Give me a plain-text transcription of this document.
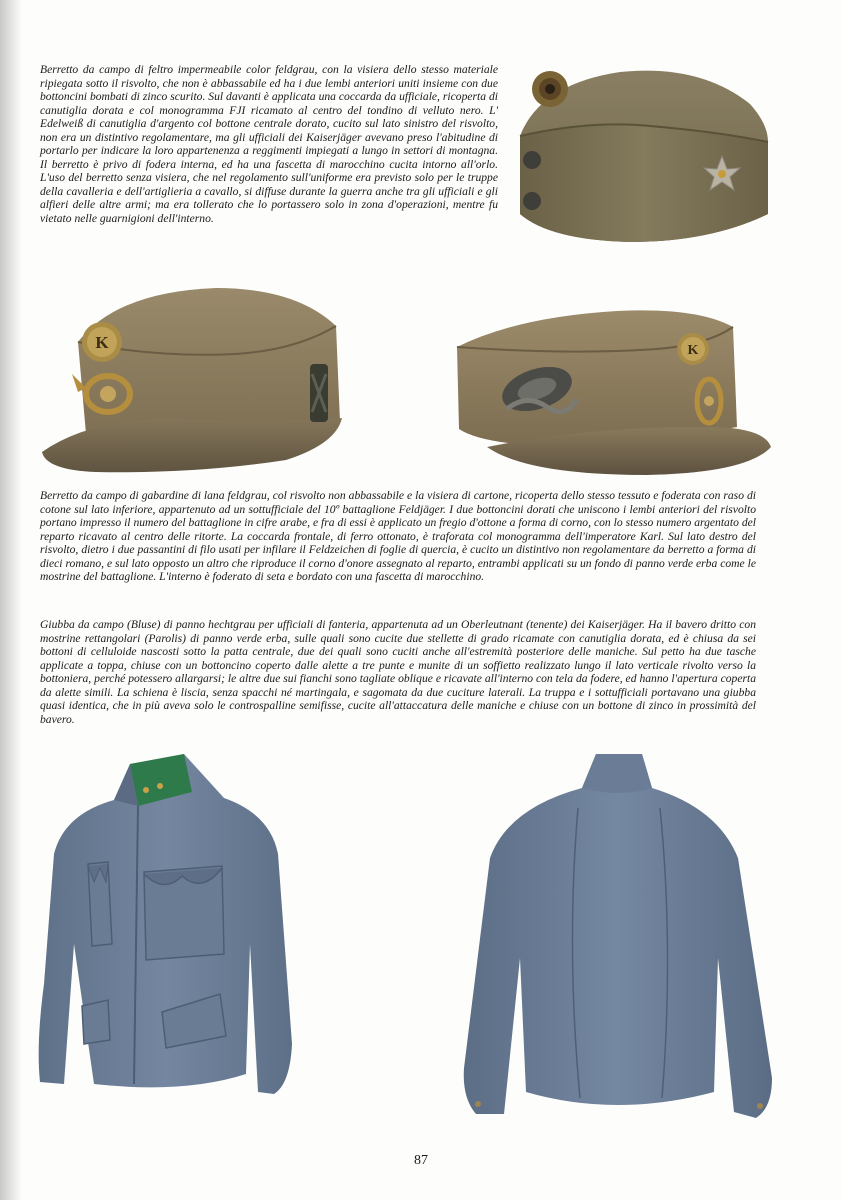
Berretto da campo di feltro impermeabile color feldgrau, con la visiera dello stesso materiale ripiegata sotto il risvolto, che non è abbassabile ed ha i due lembi anteriori uniti insieme con due bottoncini bombati di zinco scurito. Sul davanti è applicata una coccarda da ufficiale, ricoperta di canutiglia dorata e col monogramma FJI ricamato al centro del tondino di velluto nero. L' Edelweiß di canutiglia d'argento col bottone centrale dorato, cucito sul lato sinistro del risvolto, non era un distintivo regolamentare, ma gli ufficiali dei Kaiserjäger avevano preso l'abitudine di portarlo per indicare la loro appartenenza a reggimenti impiegati a lungo in settori di montagna. Il berretto è privo di fodera interna, ed ha una fascetta di marocchino cucita intorno all'orlo. L'uso del berretto senza visiera, che nel regolamento sull'uniforme era previsto solo per le truppe della cavalleria e dell'artiglieria a cavallo, si diffuse durante la guerra anche tra gli ufficiali e gli alfieri delle altre armi; ma era tollerato che lo portassero solo in zona d'operazioni, mentre fu vietato nelle guarnigioni dell'interno.

K	K

Berretto da campo di gabardine di lana feldgrau, col risvolto non abbassabile e la visiera di cartone, ricoperta dello stesso tessuto e foderata con raso di cotone sul lato inferiore, appartenuto ad un sottufficiale del 10º battaglione Feldjäger. I due bottoncini dorati che uniscono i lembi anteriori del risvolto portano impresso il numero del battaglione in cifre arabe, e fra di essi è applicato un fregio d'ottone a forma di corno, con lo stesso numero argentato del reparto ricavato al centro delle ritorte. La coccarda frontale, di ferro ottonato, è traforata col monogramma dell'imperatore Karl. Sul lato destro del risvolto, dietro i due passantini di filo usati per infilare il Feldzeichen di foglie di quercia, è cucito un distintivo non regolamentare da berretto a forma di dieci romano, e sul lato opposto un altro che riproduce il corno d'onore assegnato al reparto, entrambi applicati su un fondo di panno verde erba come le mostrine del battaglione. L'interno è foderato di seta e bordato con una fascetta di marocchino.

Giubba da campo (Bluse) di panno hechtgrau per ufficiali di fanteria, appartenuta ad un Oberleutnant (tenente) dei Kaiserjäger. Ha il bavero dritto con mostrine rettangolari (Parolis) di panno verde erba, sulle quali sono cucite due stellette di grado ricamate con canutiglia dorata, ed è chiusa da sei bottoni di celluloide nascosti sotto la patta centrale, due dei quali sono cuciti anche all'estremità posteriore delle maniche. Sul petto ha due tasche applicate a toppa, chiuse con un bottoncino coperto dalle alette a tre punte e munite di un soffietto realizzato lungo il lato verticale rivolto verso la bottoniera, perché potessero allargarsi; le altre due sui fianchi sono tagliate oblique e ricavate all'interno con tela da fodere, ed hanno l'apertura coperta da alette simili. La schiena è liscia, senza spacchi né martingala, e sagomata da due cuciture laterali. La truppa e i sottufficiali portavano una giubba quasi identica, che in più aveva solo le controspalline semifisse, cucite all'attaccatura delle maniche e chiuse con un bottone di zinco in prossimità del bavero.

87
